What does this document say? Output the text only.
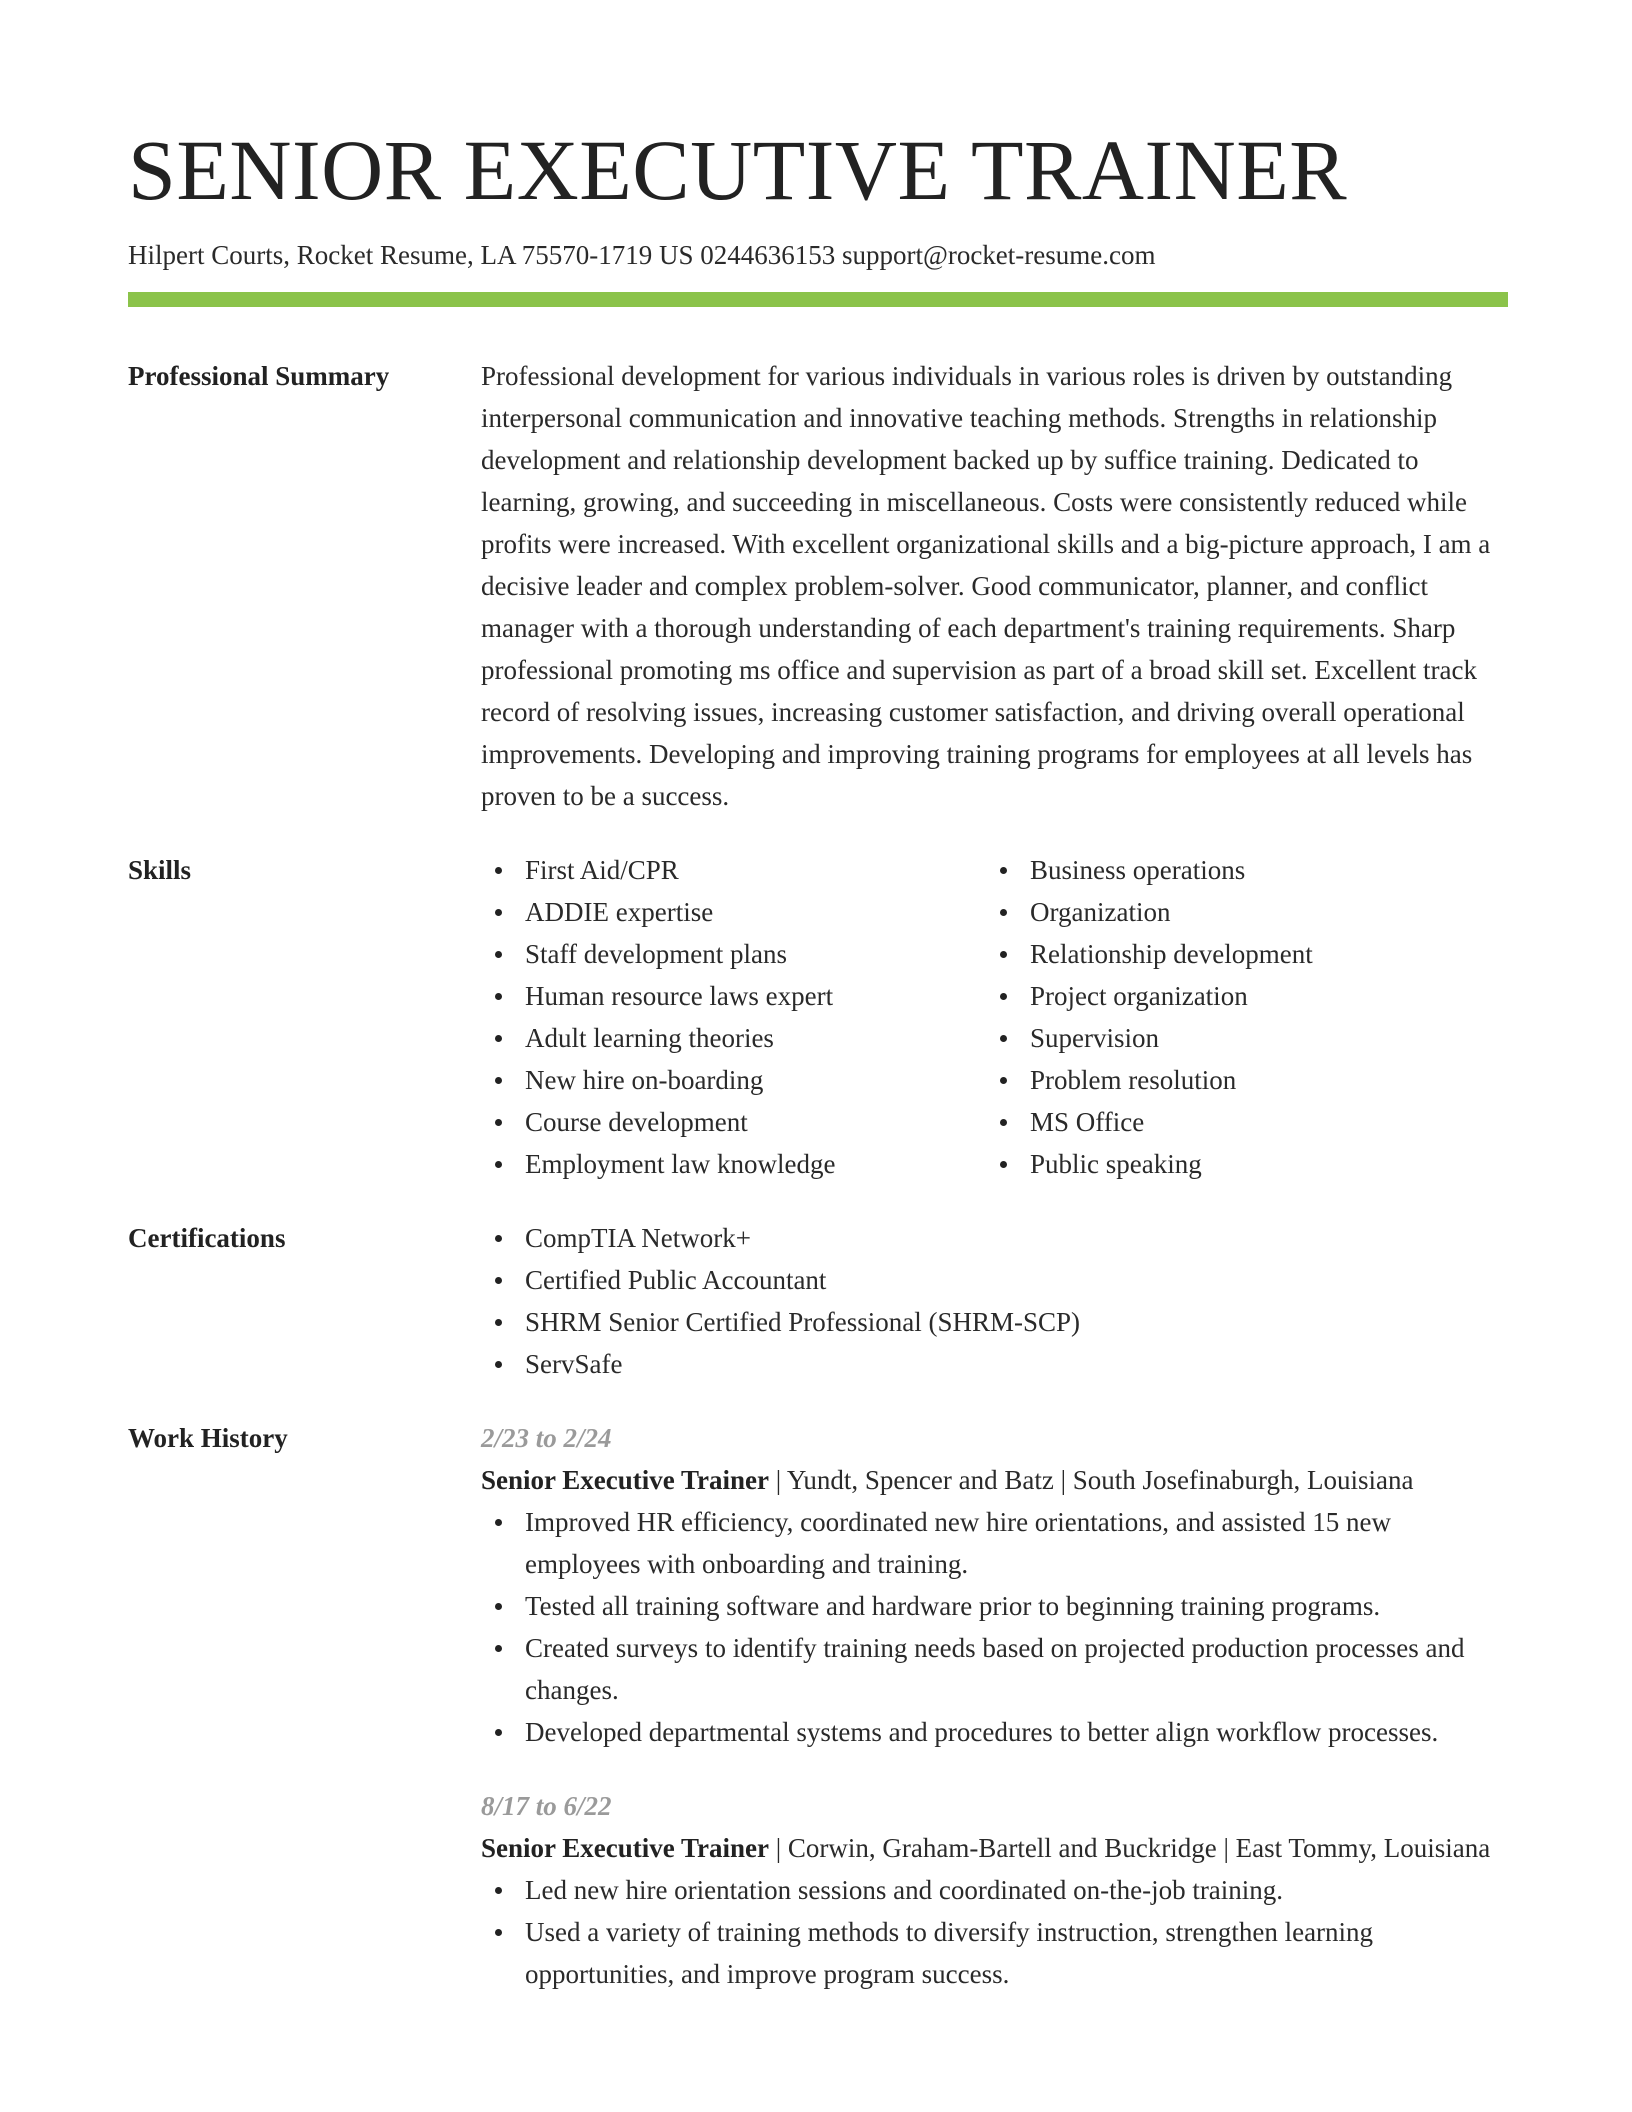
SENIOR EXECUTIVE TRAINER
Hilpert Courts, Rocket Resume, LA 75570-1719 US 0244636153 support@rocket-resume.com
Professional Summary	Professional development for various individuals in various roles is driven by outstanding interpersonal communication and innovative teaching methods. Strengths in relationship development and relationship development backed up by suffice training. Dedicated to learning, growing, and succeeding in miscellaneous. Costs were consistently reduced while profits were increased. With excellent organizational skills and a big-picture approach, I am a decisive leader and complex problem-solver. Good communicator, planner, and conflict manager with a thorough understanding of each department's training requirements. Sharp professional promoting ms office and supervision as part of a broad skill set. Excellent track record of resolving issues, increasing customer satisfaction, and driving overall operational improvements. Developing and improving training programs for employees at all levels has proven to be a success.

Skills	First Aid/CPR
ADDIE expertise
Staff development plans
Human resource laws expert
Adult learning theories
New hire on-boarding
Course development
Employment law knowledge
Business operations
Organization
Relationship development
Project organization
Supervision
Problem resolution
MS Office
Public speaking
Certifications	CompTIA Network+
Certified Public Accountant
SHRM Senior Certified Professional (SHRM-SCP)
ServSafe
Work History	2/23 to 2/24
Senior Executive Trainer | Yundt, Spencer and Batz | South Josefinaburgh, Louisiana
Improved HR efficiency, coordinated new hire orientations, and assisted 15 new employees with onboarding and training.
Tested all training software and hardware prior to beginning training programs.
Created surveys to identify training needs based on projected production processes and changes.
Developed departmental systems and procedures to better align workflow processes.
8/17 to 6/22
Senior Executive Trainer | Corwin, Graham-Bartell and Buckridge | East Tommy, Louisiana
Led new hire orientation sessions and coordinated on-the-job training.
Used a variety of training methods to diversify instruction, strengthen learning opportunities, and improve program success.
